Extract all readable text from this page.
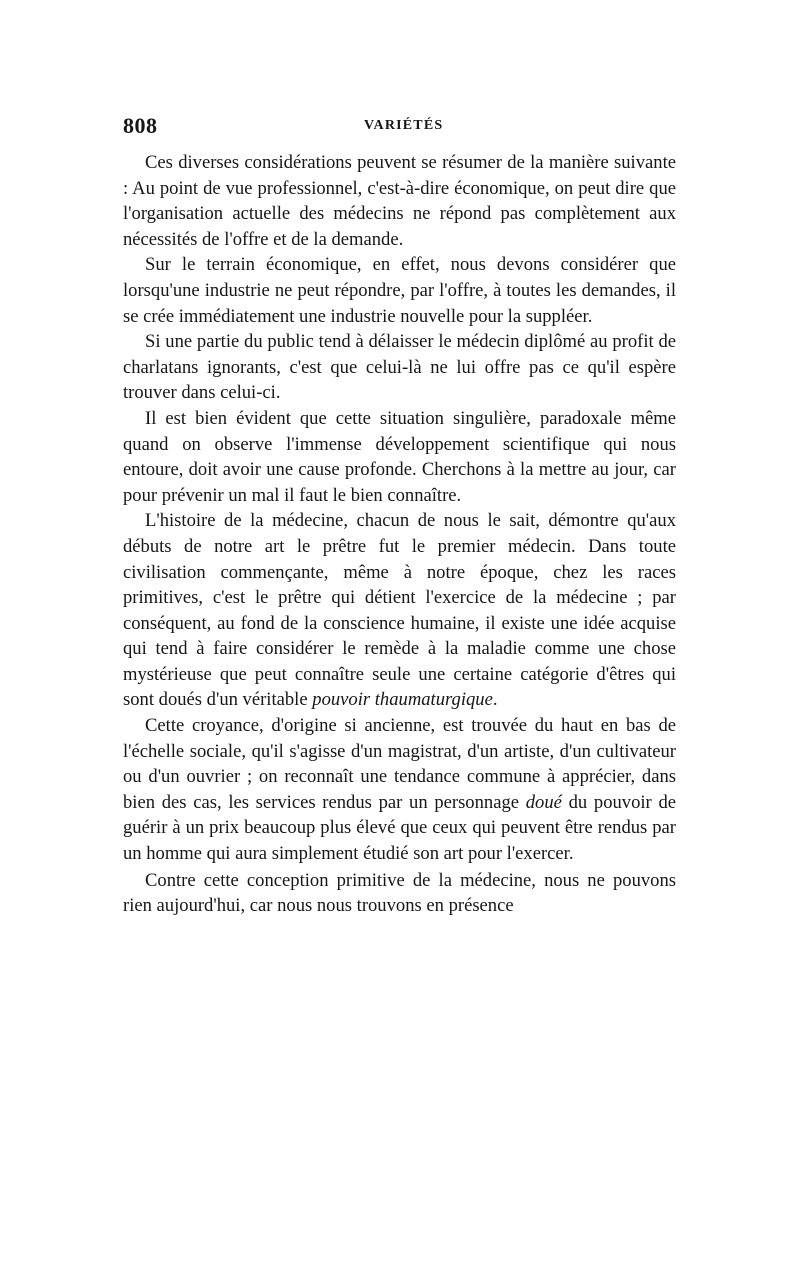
808	VARIÉTÉS

Ces diverses considérations peuvent se résumer de la manière suivante : Au point de vue professionnel, c'est-à-dire économique, on peut dire que l'organisation actuelle des médecins ne répond pas complètement aux nécessités de l'offre et de la demande.

Sur le terrain économique, en effet, nous devons considérer que lorsqu'une industrie ne peut répondre, par l'offre, à toutes les demandes, il se crée immédiatement une industrie nouvelle pour la suppléer.

Si une partie du public tend à délaisser le médecin diplômé au profit de charlatans ignorants, c'est que celui-là ne lui offre pas ce qu'il espère trouver dans celui-ci.

Il est bien évident que cette situation singulière, paradoxale même quand on observe l'immense développement scientifique qui nous entoure, doit avoir une cause profonde. Cherchons à la mettre au jour, car pour prévenir un mal il faut le bien connaître.

L'histoire de la médecine, chacun de nous le sait, démontre qu'aux débuts de notre art le prêtre fut le premier médecin. Dans toute civilisation commençante, même à notre époque, chez les races primitives, c'est le prêtre qui détient l'exercice de la médecine ; par conséquent, au fond de la conscience humaine, il existe une idée acquise qui tend à faire considérer le remède à la maladie comme une chose mystérieuse que peut connaître seule une certaine catégorie d'êtres qui sont doués d'un véritable pouvoir thaumaturgique.

Cette croyance, d'origine si ancienne, est trouvée du haut en bas de l'échelle sociale, qu'il s'agisse d'un magistrat, d'un artiste, d'un cultivateur ou d'un ouvrier ; on reconnaît une tendance commune à apprécier, dans bien des cas, les services rendus par un personnage doué du pouvoir de guérir à un prix beaucoup plus élevé que ceux qui peuvent être rendus par un homme qui aura simplement étudié son art pour l'exercer.

Contre cette conception primitive de la médecine, nous ne pouvons rien aujourd'hui, car nous nous trouvons en présence
